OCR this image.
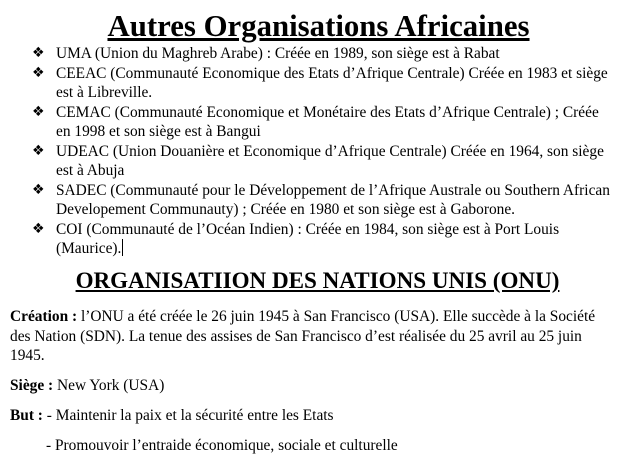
Autres Organisations Africaines
❖ UMA (Union du Maghreb Arabe) : Créée en 1989, son siège est à Rabat
❖ CEEAC (Communauté Economique des Etats d’Afrique Centrale) Créée en 1983 et siège est à Libreville.
❖ CEMAC (Communauté Economique et Monétaire des Etats d’Afrique Centrale) ; Créée en 1998 et son siège est à Bangui
❖ UDEAC (Union Douanière et Economique d’Afrique Centrale) Créée en 1964, son siège est à Abuja
❖ SADEC (Communauté pour le Développement de l’Afrique Australe ou Southern African Developement Communauty) ; Créée en 1980 et son siège est à Gaborone.
❖ COI (Communauté de l’Océan Indien) : Créée en 1984, son siège est à Port Louis (Maurice).
ORGANISATIION DES NATIONS UNIS (ONU)

Création : l’ONU a été créée le 26 juin 1945 à San Francisco (USA). Elle succède à la Société des Nation (SDN). La tenue des assises de San Francisco d’est réalisée du 25 avril au 25 juin 1945.

Siège : New York (USA)

But : - Maintenir la paix et la sécurité entre les Etats

- Promouvoir l’entraide économique, sociale et culturelle
